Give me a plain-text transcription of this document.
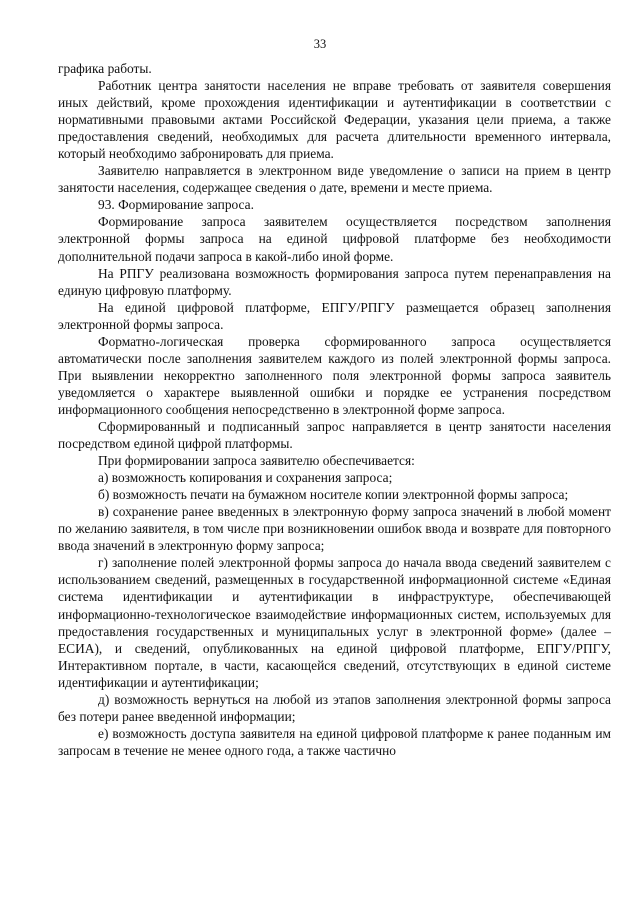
33

графика работы.

Работник центра занятости населения не вправе требовать от заявителя совершения иных действий, кроме прохождения идентификации и аутентификации в соответствии с нормативными правовыми актами Российской Федерации, указания цели приема, а также предоставления сведений, необходимых для расчета длительности временного интервала, который необходимо забронировать для приема.

Заявителю направляется в электронном виде уведомление о записи на прием в центр занятости населения, содержащее сведения о дате, времени и месте приема.

93. Формирование запроса.

Формирование запроса заявителем осуществляется посредством заполнения электронной формы запроса на единой цифровой платформе без необходимости дополнительной подачи запроса в какой-либо иной форме.

На РПГУ реализована возможность формирования запроса путем перенаправления на единую цифровую платформу.

На единой цифровой платформе, ЕПГУ/РПГУ размещается образец заполнения электронной формы запроса.

Форматно-логическая проверка сформированного запроса осуществляется автоматически после заполнения заявителем каждого из полей электронной формы запроса. При выявлении некорректно заполненного поля электронной формы запроса заявитель уведомляется о характере выявленной ошибки и порядке ее устранения посредством информационного сообщения непосредственно в электронной форме запроса.

Сформированный и подписанный запрос направляется в центр занятости населения посредством единой цифрой платформы.

При формировании запроса заявителю обеспечивается:

а) возможность копирования и сохранения запроса;

б) возможность печати на бумажном носителе копии электронной формы запроса;

в) сохранение ранее введенных в электронную форму запроса значений в любой момент по желанию заявителя, в том числе при возникновении ошибок ввода и возврате для повторного ввода значений в электронную форму запроса;

г) заполнение полей электронной формы запроса до начала ввода сведений заявителем с использованием сведений, размещенных в государственной информационной системе «Единая система идентификации и аутентификации в инфраструктуре, обеспечивающей информационно-технологическое взаимодействие информационных систем, используемых для предоставления государственных и муниципальных услуг в электронной форме» (далее – ЕСИА), и сведений, опубликованных на единой цифровой платформе, ЕПГУ/РПГУ, Интерактивном портале, в части, касающейся сведений, отсутствующих в единой системе идентификации и аутентификации;

д) возможность вернуться на любой из этапов заполнения электронной формы запроса без потери ранее введенной информации;

е) возможность доступа заявителя на единой цифровой платформе к ранее поданным им запросам в течение не менее одного года, а также частично
